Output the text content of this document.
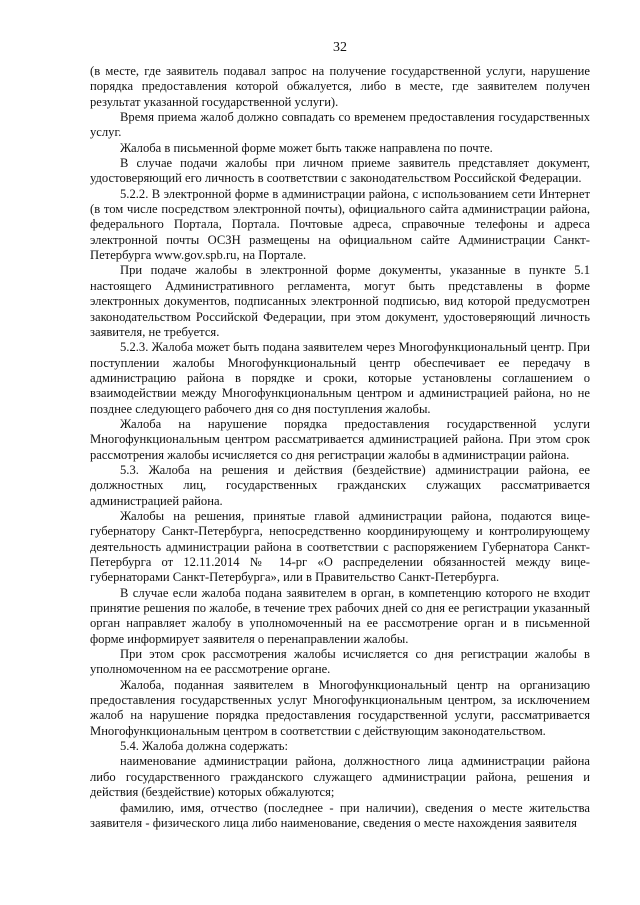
32

(в месте, где заявитель подавал запрос на получение государственной услуги, нарушение порядка предоставления которой обжалуется, либо в месте, где заявителем получен результат указанной государственной услуги).

Время приема жалоб должно совпадать со временем предоставления государственных услуг.

Жалоба в письменной форме может быть также направлена по почте.

В случае подачи жалобы при личном приеме заявитель представляет документ, удостоверяющий его личность в соответствии с законодательством Российской Федерации.

5.2.2. В электронной форме в администрации района, с использованием сети Интернет (в том числе посредством электронной почты), официального сайта администрации района, федерального Портала, Портала. Почтовые адреса, справочные телефоны и адреса электронной почты ОСЗН размещены на официальном сайте Администрации Санкт-Петербурга www.gov.spb.ru, на Портале.

При подаче жалобы в электронной форме документы, указанные в пункте 5.1 настоящего Административного регламента, могут быть представлены в форме электронных документов, подписанных электронной подписью, вид которой предусмотрен законодательством Российской Федерации, при этом документ, удостоверяющий личность заявителя, не требуется.

5.2.3. Жалоба может быть подана заявителем через Многофункциональный центр. При поступлении жалобы Многофункциональный центр обеспечивает ее передачу в администрацию района в порядке и сроки, которые установлены соглашением о взаимодействии между Многофункциональным центром и администрацией района, но не позднее следующего рабочего дня со дня поступления жалобы.

Жалоба на нарушение порядка предоставления государственной услуги Многофункциональным центром рассматривается администрацией района. При этом срок рассмотрения жалобы исчисляется со дня регистрации жалобы в администрации района.

5.3. Жалоба на решения и действия (бездействие) администрации района, ее должностных лиц, государственных гражданских служащих рассматривается администрацией района.

Жалобы на решения, принятые главой администрации района, подаются вице-губернатору Санкт-Петербурга, непосредственно координирующему и контролирующему деятельность администрации района в соответствии с распоряжением Губернатора Санкт-Петербурга от 12.11.2014 № 14-рг «О распределении обязанностей между вице-губернаторами Санкт-Петербурга», или в Правительство Санкт-Петербурга.

В случае если жалоба подана заявителем в орган, в компетенцию которого не входит принятие решения по жалобе, в течение трех рабочих дней со дня ее регистрации указанный орган направляет жалобу в уполномоченный на ее рассмотрение орган и в письменной форме информирует заявителя о перенаправлении жалобы.

При этом срок рассмотрения жалобы исчисляется со дня регистрации жалобы в уполномоченном на ее рассмотрение органе.

Жалоба, поданная заявителем в Многофункциональный центр на организацию предоставления государственных услуг Многофункциональным центром, за исключением жалоб на нарушение порядка предоставления государственной услуги, рассматривается Многофункциональным центром в соответствии с действующим законодательством.

5.4. Жалоба должна содержать:

наименование администрации района, должностного лица администрации района либо государственного гражданского служащего администрации района, решения и действия (бездействие) которых обжалуются;

фамилию, имя, отчество (последнее - при наличии), сведения о месте жительства заявителя - физического лица либо наименование, сведения о месте нахождения заявителя
